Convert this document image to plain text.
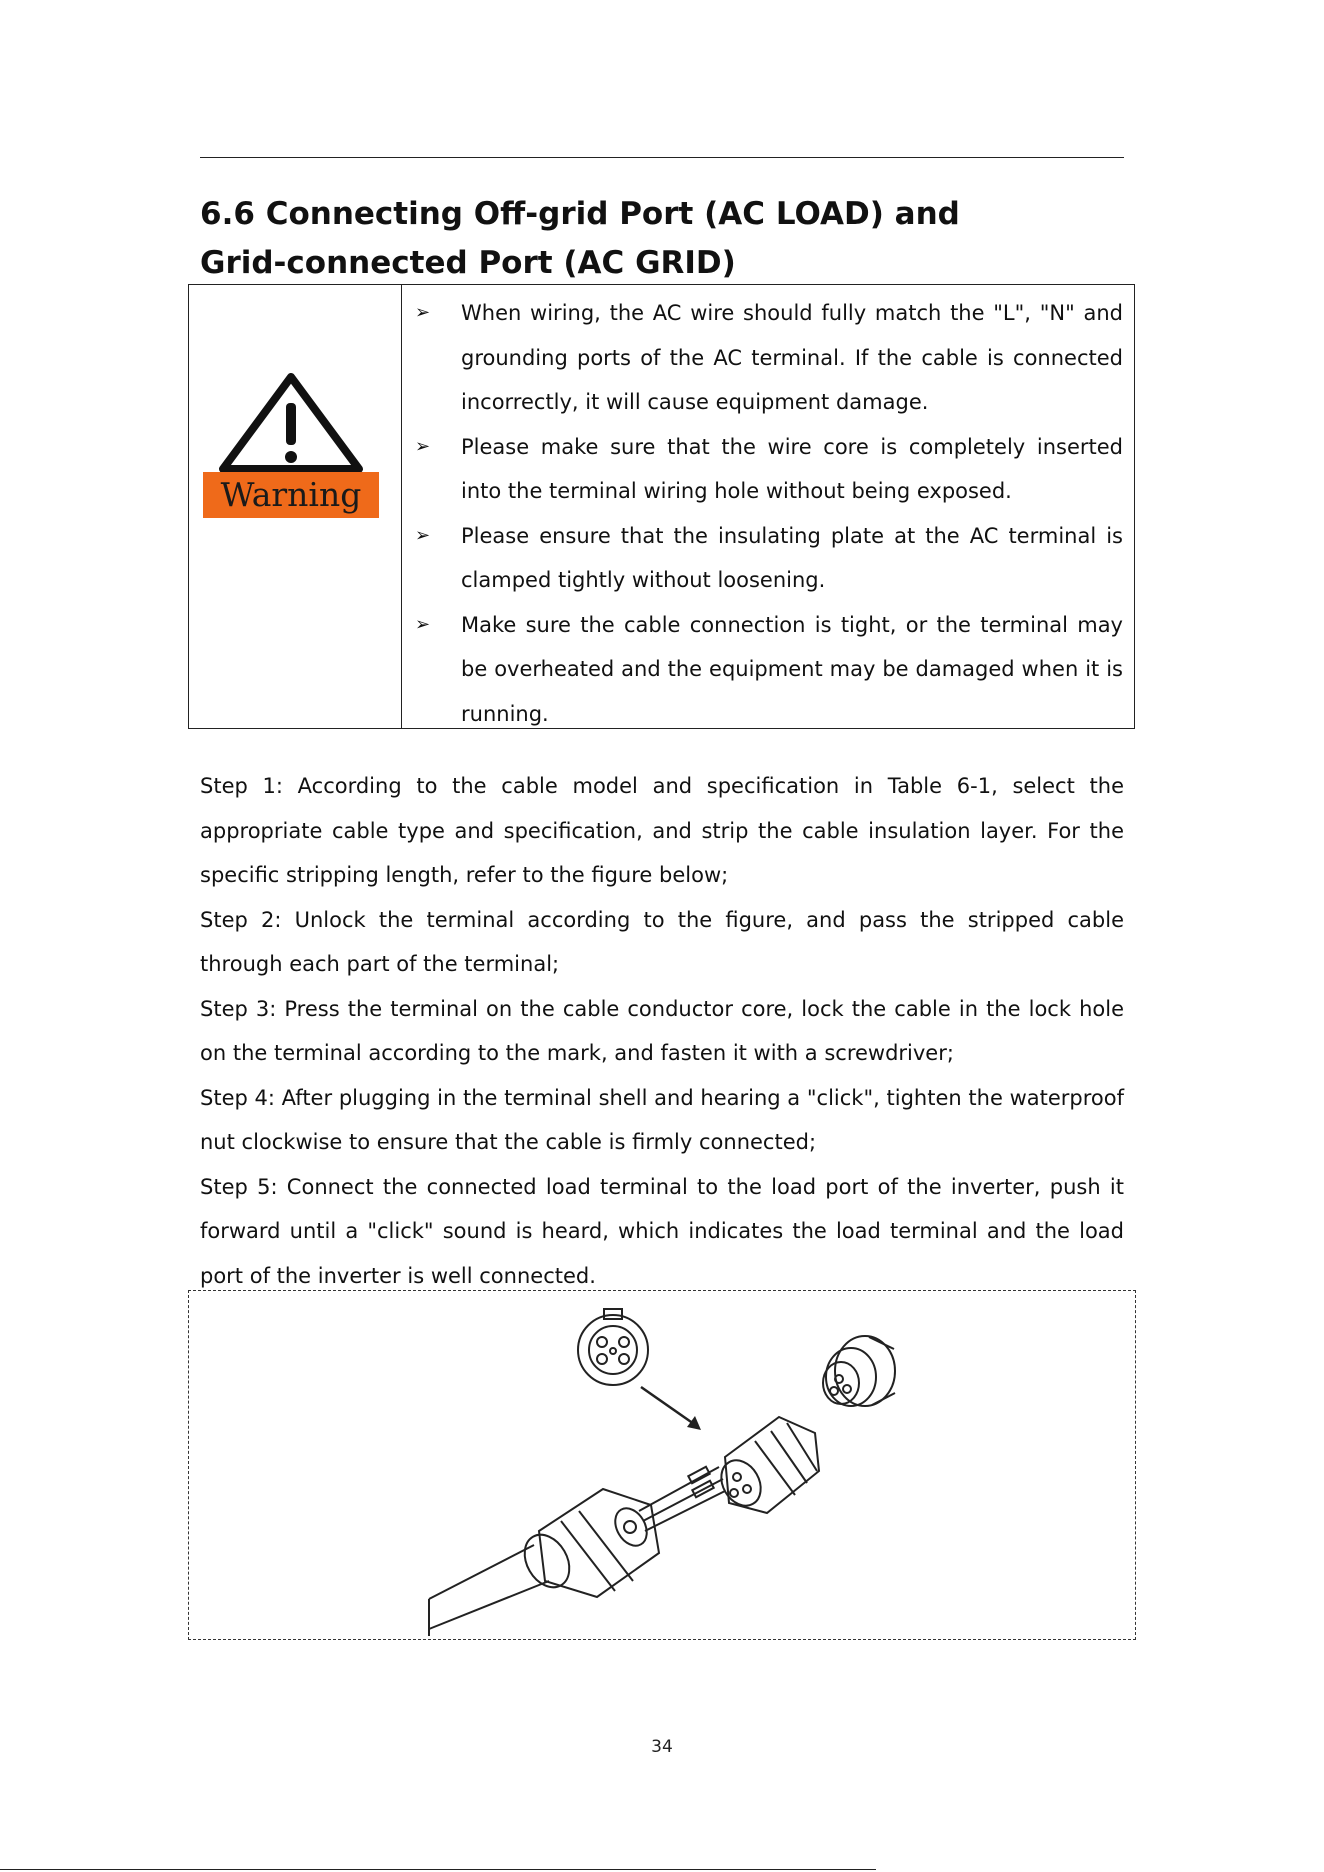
6.6 Connecting Off-grid Port (AC LOAD) and
Grid-connected Port (AC GRID)
Warning
➢ When wiring, the AC wire should fully match the "L", "N" and grounding ports of the AC terminal. If the cable is connected incorrectly, it will cause equipment damage.
➢ Please make sure that the wire core is completely inserted into the terminal wiring hole without being exposed.
➢ Please ensure that the insulating plate at the AC terminal is clamped tightly without loosening.
➢ Make sure the cable connection is tight, or the terminal may be overheated and the equipment may be damaged when it is running.

Step 1: According to the cable model and specification in Table 6-1, select the appropriate cable type and specification, and strip the cable insulation layer. For the specific stripping length, refer to the figure below;

Step 2: Unlock the terminal according to the figure, and pass the stripped cable through each part of the terminal;

Step 3: Press the terminal on the cable conductor core, lock the cable in the lock hole on the terminal according to the mark, and fasten it with a screwdriver;

Step 4: After plugging in the terminal shell and hearing a "click", tighten the waterproof nut clockwise to ensure that the cable is firmly connected;

Step 5: Connect the connected load terminal to the load port of the inverter, push it forward until a "click" sound is heard, which indicates the load terminal and the load port of the inverter is well connected.

34
